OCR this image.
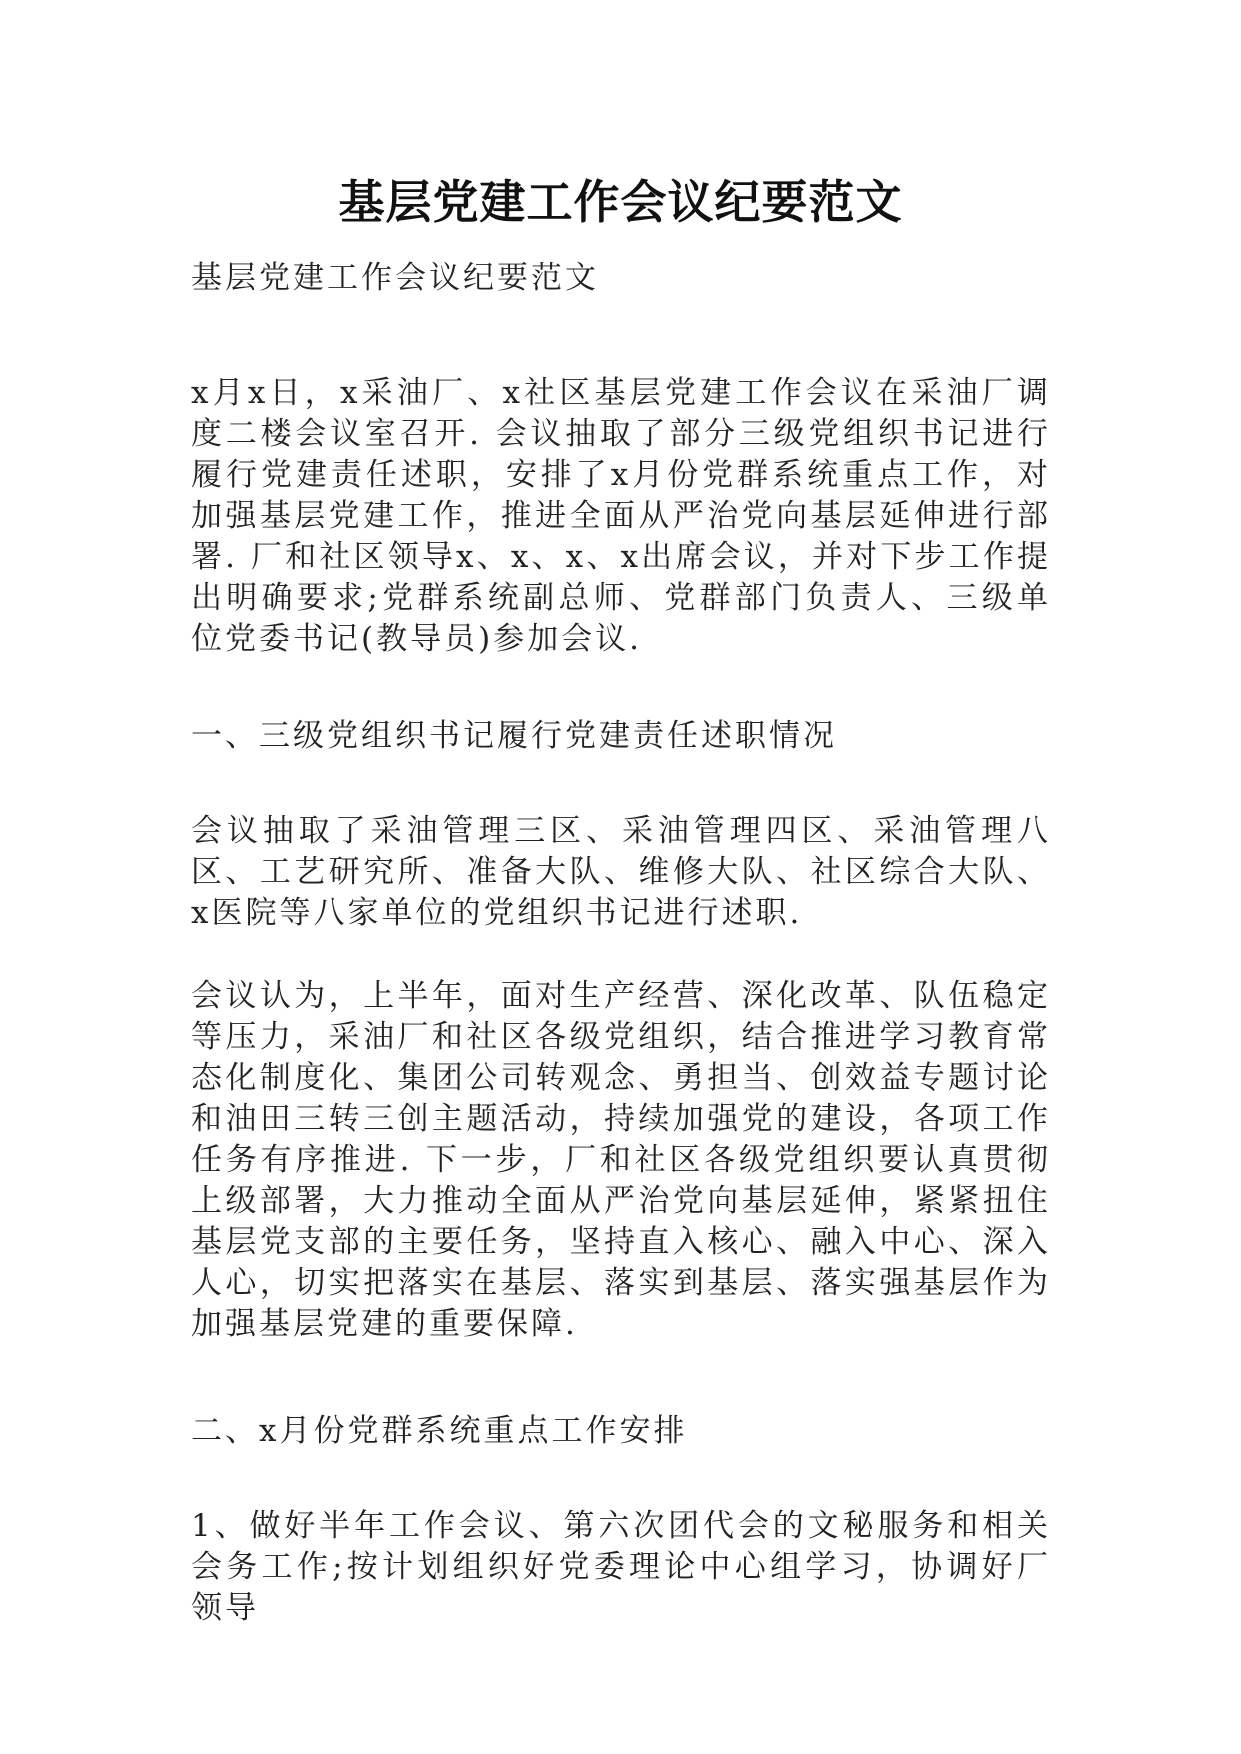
基层党建工作会议纪要范文

基层党建工作会议纪要范文

x月x日，x采油厂、x社区基层党建工作会议在采油厂调度二楼会议室召开. 会议抽取了部分三级党组织书记进行履行党建责任述职，安排了x月份党群系统重点工作，对加强基层党建工作，推进全面从严治党向基层延伸进行部署. 厂和社区领导x、x、x、x出席会议，并对下步工作提出明确要求;党群系统副总师、党群部门负责人、三级单位党委书记(教导员)参加会议.

一、三级党组织书记履行党建责任述职情况

会议抽取了采油管理三区、采油管理四区、采油管理八区、工艺研究所、准备大队、维修大队、社区综合大队、x医院等八家单位的党组织书记进行述职.

会议认为，上半年，面对生产经营、深化改革、队伍稳定等压力，采油厂和社区各级党组织，结合推进学习教育常态化制度化、集团公司转观念、勇担当、创效益专题讨论和油田三转三创主题活动，持续加强党的建设，各项工作任务有序推进. 下一步，厂和社区各级党组织要认真贯彻上级部署，大力推动全面从严治党向基层延伸，紧紧扭住基层党支部的主要任务，坚持直入核心、融入中心、深入人心，切实把落实在基层、落实到基层、落实强基层作为加强基层党建的重要保障.

二、x月份党群系统重点工作安排

1、做好半年工作会议、第六次团代会的文秘服务和相关会务工作;按计划组织好党委理论中心组学习，协调好厂领导
